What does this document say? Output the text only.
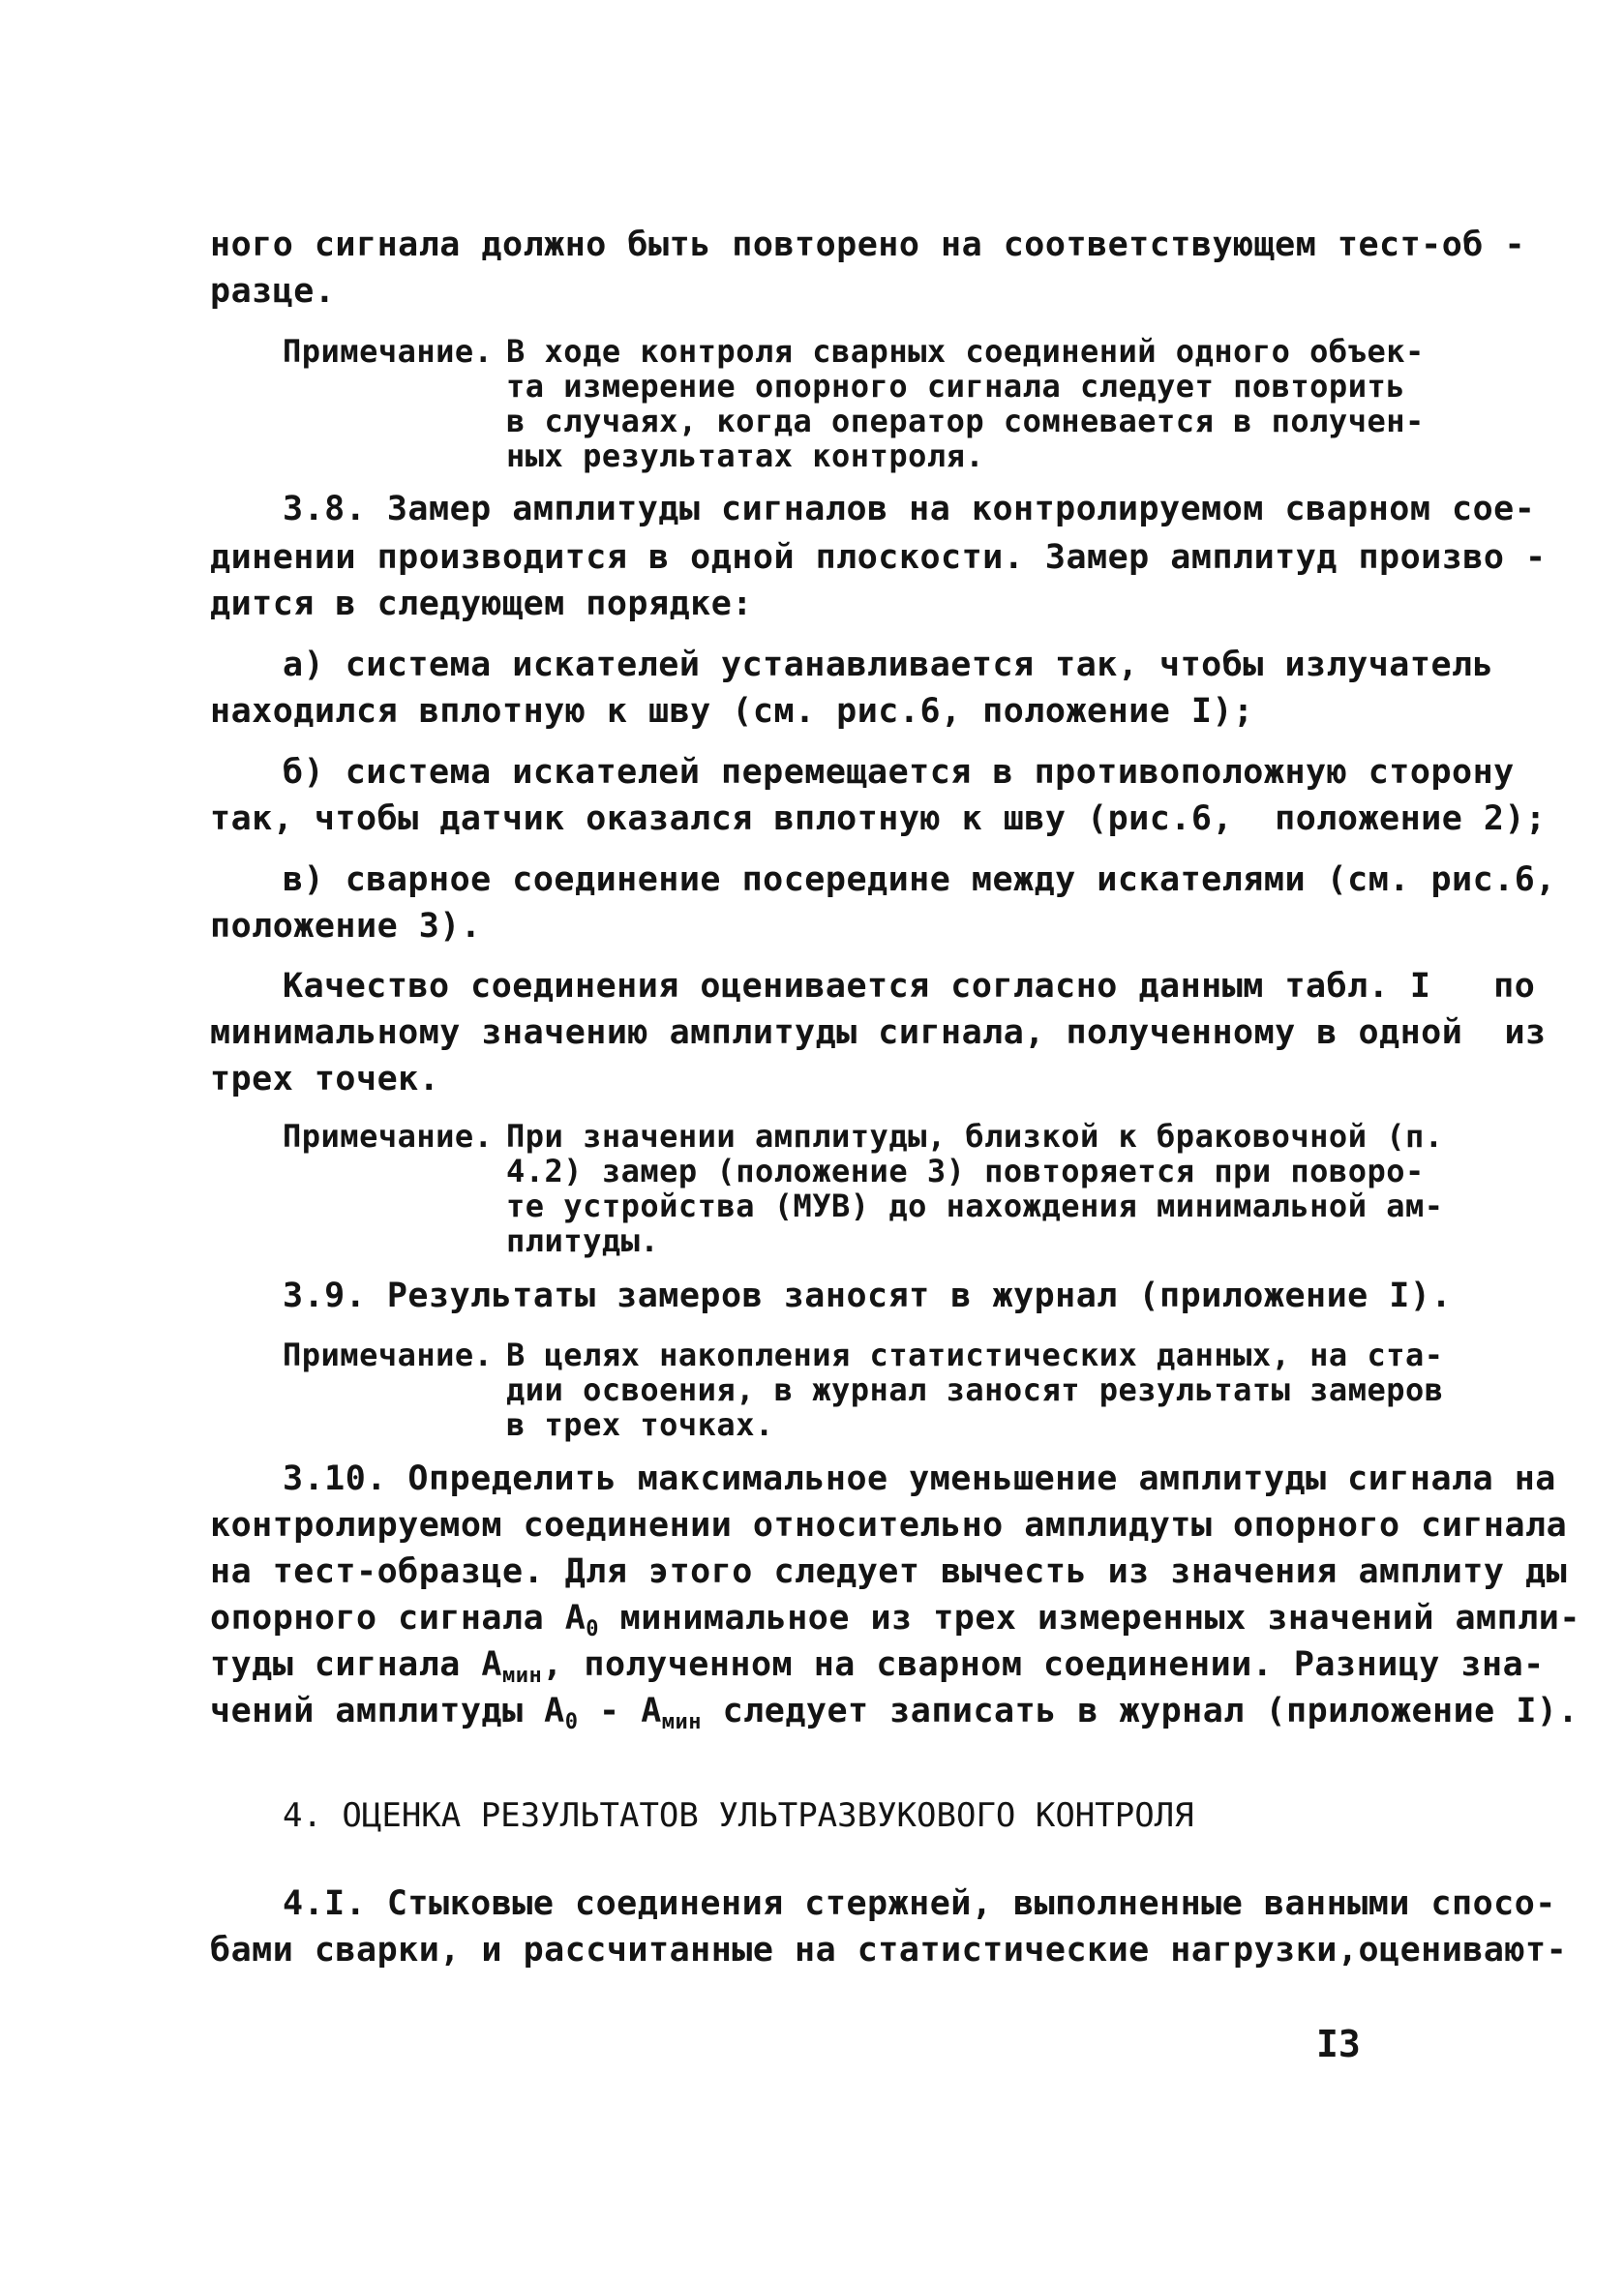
ного сигнала должно быть повторено на соответствующем тест-об -

разце.

Примечание. В ходе контроля сварных соединений одного объек-

та измерение опорного сигнала следует повторить

в случаях, когда оператор сомневается в получен-

ных результатах контроля.

3.8. Замер амплитуды сигналов на контролируемом сварном сое-

динении производится в одной плоскости. Замер амплитуд произво -

дится в следующем порядке:

а) система искателей устанавливается так, чтобы излучатель

находился вплотную к шву (см. рис.6, положение I);

б) система искателей перемещается в противоположную сторону

так, чтобы датчик оказался вплотную к шву (рис.6,  положение 2);

в) сварное соединение посередине между искателями (см. рис.6,

положение 3).

Качество соединения оценивается согласно данным табл. I   по

минимальному значению амплитуды сигнала, полученному в одной  из

трех точек.

Примечание. При значении амплитуды, близкой к браковочной (п.

4.2) замер (положение 3) повторяется при поворо-

те устройства (МУВ) до нахождения минимальной ам-

плитуды.

3.9. Результаты замеров заносят в журнал (приложение I).

Примечание. В целях накопления статистических данных, на ста-

дии освоения, в журнал заносят результаты замеров

в трех точках.

3.10. Определить максимальное уменьшение амплитуды сигнала на

контролируемом соединении относительно амплидуты опорного сигнала

на тест-образце. Для этого следует вычесть из значения амплиту ды

опорного сигнала $А_0$ минимальное из трех измеренных значений ампли-

туды сигнала $А_{мин}$, полученном на сварном соединении. Разницу зна-

чений амплитуды $А_0 - А_{мин}$ следует записать в журнал (приложение I).

4. ОЦЕНКА РЕЗУЛЬТАТОВ УЛЬТРАЗВУКОВОГО КОНТРОЛЯ

4.I. Стыковые соединения стержней, выполненные ванными спосо-

бами сварки, и рассчитанные на статистические нагрузки,оценивают-

I3
